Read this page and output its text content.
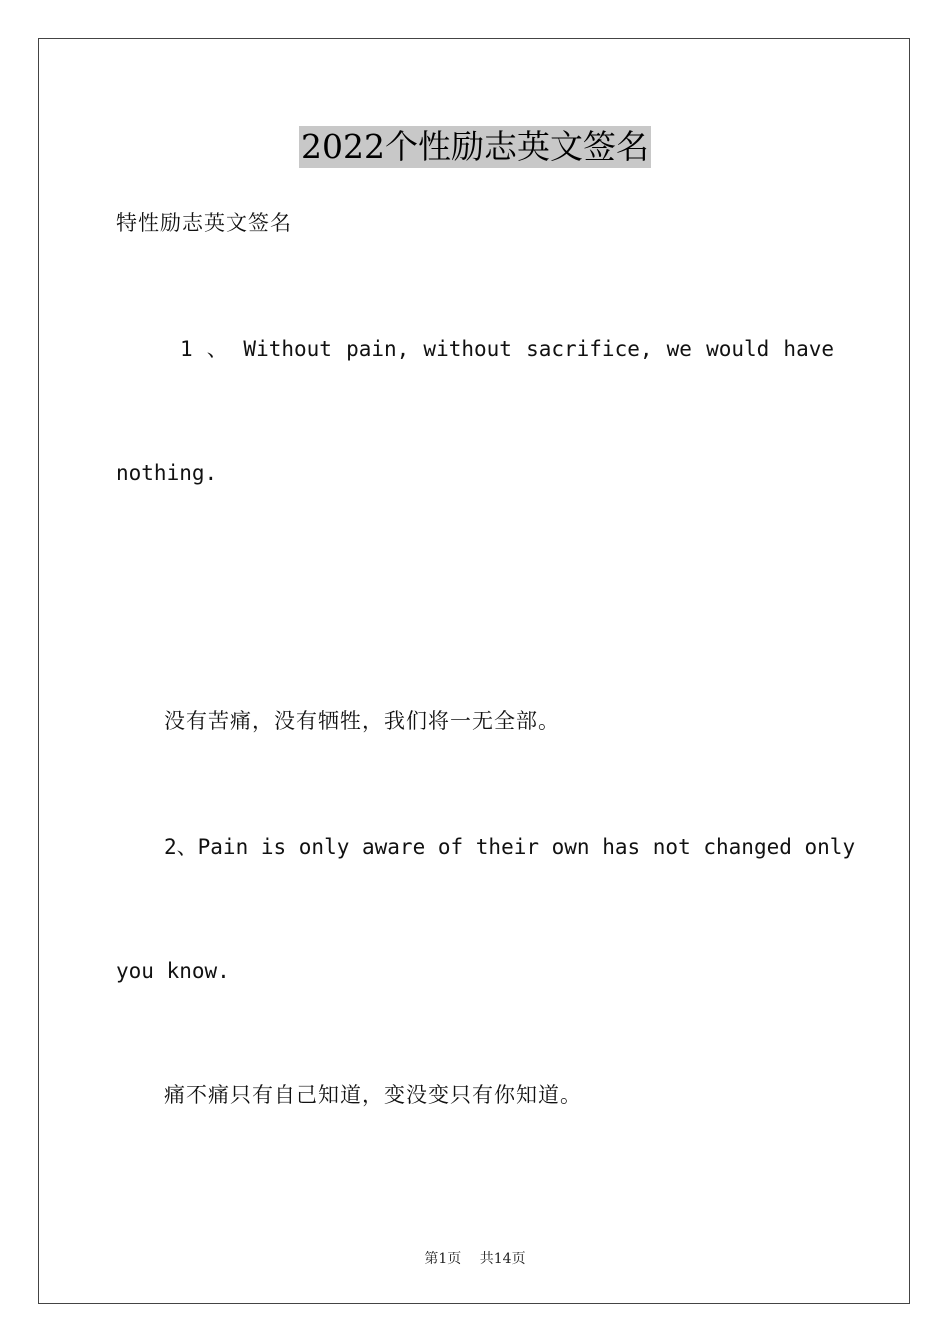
2022个性励志英文签名
特性励志英文签名
1 、 Without pain, without sacrifice, we would have
nothing.
没有苦痛，没有牺牲，我们将一无全部。
2、Pain is only aware of their own has not changed only
you know.
痛不痛只有自己知道，变没变只有你知道。
第1页 共14页
